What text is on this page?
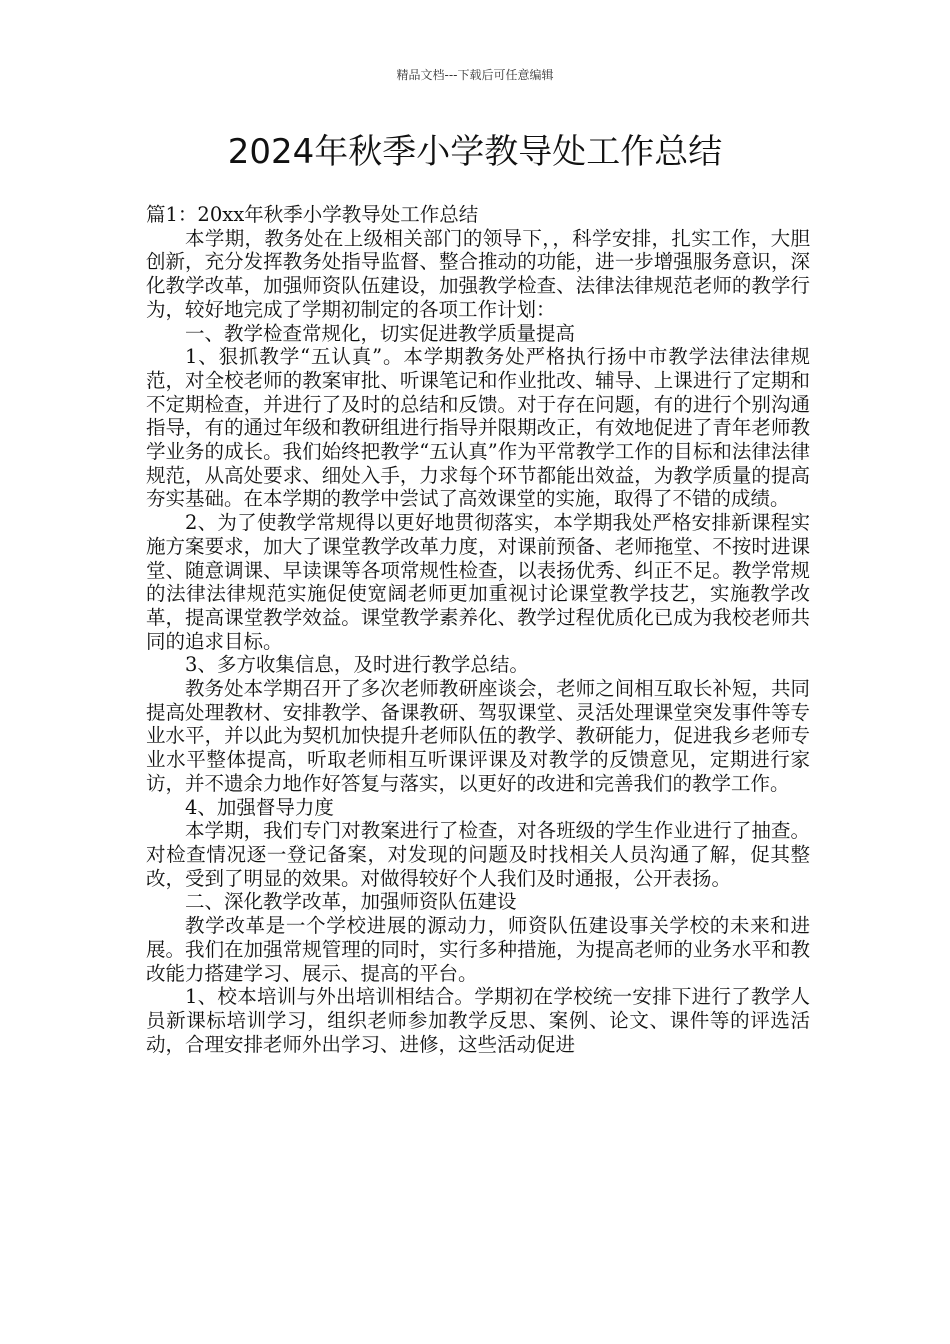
精品文档---下载后可任意编辑
2024年秋季小学教导处工作总结

篇1：20xx年秋季小学教导处工作总结

本学期，教务处在上级相关部门的领导下，，科学安排，扎实工作，大胆创新，充分发挥教务处指导监督、整合推动的功能，进一步增强服务意识，深化教学改革，加强师资队伍建设，加强教学检查、法律法律规范老师的教学行为，较好地完成了学期初制定的各项工作计划：

一、教学检查常规化，切实促进教学质量提高

1、狠抓教学“五认真”。本学期教务处严格执行扬中市教学法律法律规范，对全校老师的教案审批、听课笔记和作业批改、辅导、上课进行了定期和不定期检查，并进行了及时的总结和反馈。对于存在问题，有的进行个别沟通指导，有的通过年级和教研组进行指导并限期改正，有效地促进了青年老师教学业务的成长。我们始终把教学“五认真”作为平常教学工作的目标和法律法律规范，从高处要求、细处入手，力求每个环节都能出效益，为教学质量的提高夯实基础。在本学期的教学中尝试了高效课堂的实施，取得了不错的成绩。

2、为了使教学常规得以更好地贯彻落实，本学期我处严格安排新课程实施方案要求，加大了课堂教学改革力度，对课前预备、老师拖堂、不按时进课堂、随意调课、早读课等各项常规性检查，以表扬优秀、纠正不足。教学常规的法律法律规范实施促使宽阔老师更加重视讨论课堂教学技艺，实施教学改革，提高课堂教学效益。课堂教学素养化、教学过程优质化已成为我校老师共同的追求目标。

3、多方收集信息，及时进行教学总结。

教务处本学期召开了多次老师教研座谈会，老师之间相互取长补短，共同提高处理教材、安排教学、备课教研、驾驭课堂、灵活处理课堂突发事件等专业水平，并以此为契机加快提升老师队伍的教学、教研能力，促进我乡老师专业水平整体提高，听取老师相互听课评课及对教学的反馈意见，定期进行家访，并不遗余力地作好答复与落实，以更好的改进和完善我们的教学工作。

4、加强督导力度

本学期，我们专门对教案进行了检查，对各班级的学生作业进行了抽查。对检查情况逐一登记备案，对发现的问题及时找相关人员沟通了解，促其整改，受到了明显的效果。对做得较好个人我们及时通报，公开表扬。

二、深化教学改革，加强师资队伍建设

教学改革是一个学校进展的源动力，师资队伍建设事关学校的未来和进展。我们在加强常规管理的同时，实行多种措施，为提高老师的业务水平和教改能力搭建学习、展示、提高的平台。

1、校本培训与外出培训相结合。学期初在学校统一安排下进行了教学人员新课标培训学习，组织老师参加教学反思、案例、论文、课件等的评选活动，合理安排老师外出学习、进修，这些活动促进
